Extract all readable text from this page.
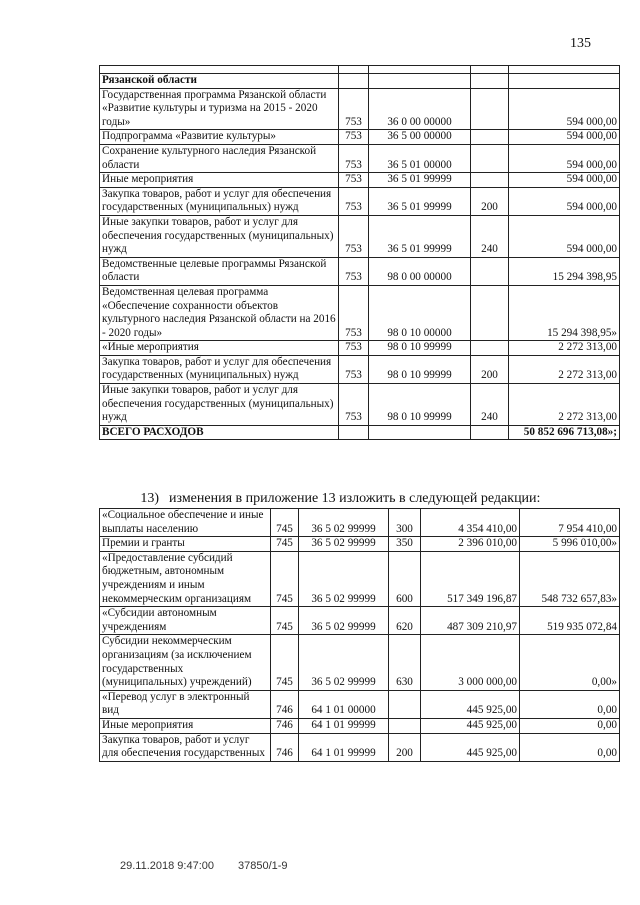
135

Рязанской области				
Государственная программа Рязанской области «Развитие культуры и туризма на 2015 - 2020 годы»	753	36 0 00 00000		594 000,00
Подпрограмма «Развитие культуры»	753	36 5 00 00000		594 000,00
Сохранение культурного наследия Рязанской области	753	36 5 01 00000		594 000,00
Иные мероприятия	753	36 5 01 99999		594 000,00
Закупка товаров, работ и услуг для обеспечения государственных (муниципальных) нужд	753	36 5 01 99999	200	594 000,00
Иные закупки товаров, работ и услуг для обеспечения государственных (муниципальных) нужд	753	36 5 01 99999	240	594 000,00
Ведомственные целевые программы Рязанской области	753	98 0 00 00000		15 294 398,95
Ведомственная целевая программа «Обеспечение сохранности объектов культурного наследия Рязанской области на 2016 - 2020 годы»	753	98 0 10 00000		15 294 398,95»
«Иные мероприятия	753	98 0 10 99999		2 272 313,00
Закупка товаров, работ и услуг для обеспечения государственных (муниципальных) нужд	753	98 0 10 99999	200	2 272 313,00
Иные закупки товаров, работ и услуг для обеспечения государственных (муниципальных) нужд	753	98 0 10 99999	240	2 272 313,00
ВСЕГО РАСХОДОВ				50 852 696 713,08»;
13) изменения в приложение 13 изложить в следующей редакции:
«Социальное обеспечение и иные выплаты населению	745	36 5 02 99999	300	4 354 410,00	7 954 410,00
Премии и гранты	745	36 5 02 99999	350	2 396 010,00	5 996 010,00»
«Предоставление субсидий бюджетным, автономным учреждениям и иным некоммерческим организациям	745	36 5 02 99999	600	517 349 196,87	548 732 657,83»
«Субсидии автономным учреждениям	745	36 5 02 99999	620	487 309 210,97	519 935 072,84
Субсидии некоммерческим организациям (за исключением государственных (муниципальных) учреждений)	745	36 5 02 99999	630	3 000 000,00	0,00»
«Перевод услуг в электронный вид	746	64 1 01 00000		445 925,00	0,00
Иные мероприятия	746	64 1 01 99999		445 925,00	0,00
Закупка товаров, работ и услуг для обеспечения государственных	746	64 1 01 99999	200	445 925,00	0,00
29.11.2018 9:47:00 37850/1-9
